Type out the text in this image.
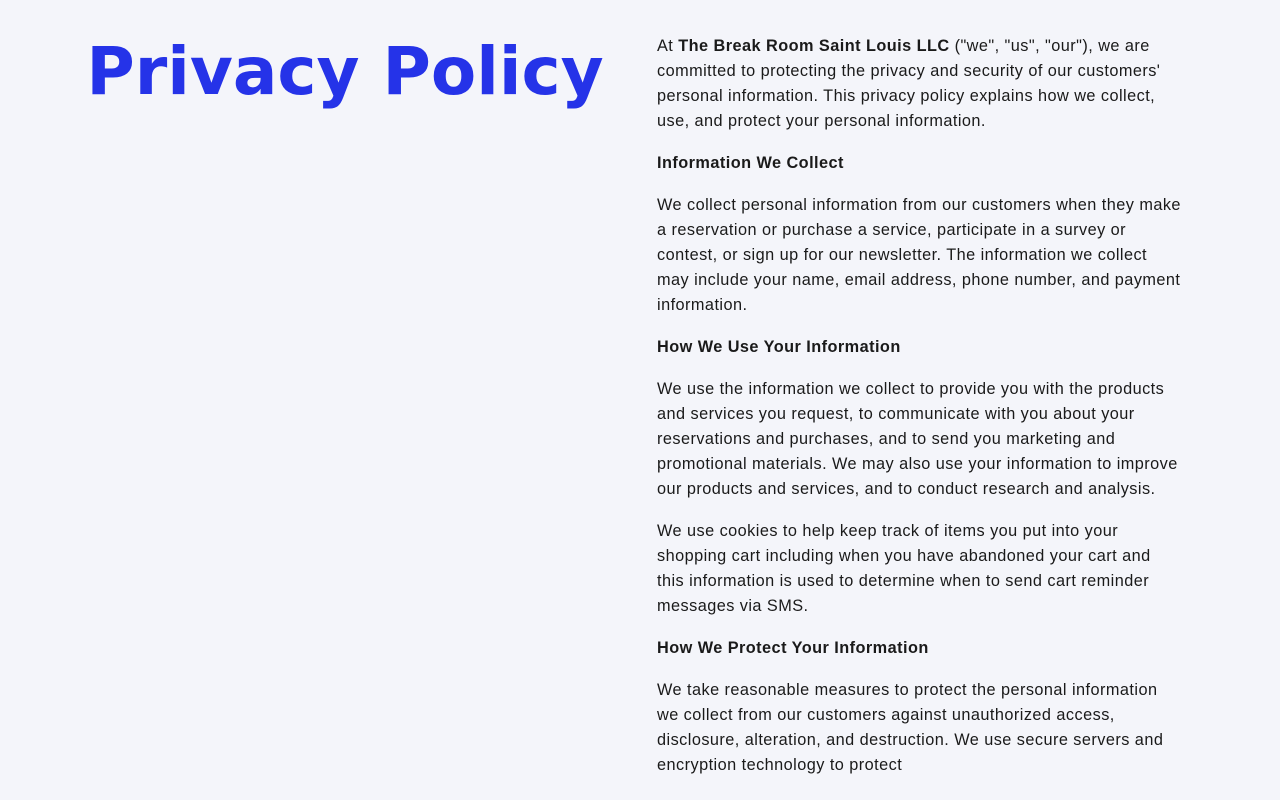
Privacy Policy	At The Break Room Saint Louis LLC ("we", "us", "our"), we are committed to protecting the privacy and security of our customers' personal information. This privacy policy explains how we collect, use, and protect your personal information.

Information We Collect

We collect personal information from our customers when they make a reservation or purchase a service, participate in a survey or contest, or sign up for our newsletter. The information we collect may include your name, email address, phone number, and payment information.

How We Use Your Information

We use the information we collect to provide you with the products and services you request, to communicate with you about your reservations and purchases, and to send you marketing and promotional materials. We may also use your information to improve our products and services, and to conduct research and analysis.

We use cookies to help keep track of items you put into your shopping cart including when you have abandoned your cart and this information is used to determine when to send cart reminder messages via SMS.

How We Protect Your Information

We take reasonable measures to protect the personal information we collect from our customers against unauthorized access, disclosure, alteration, and destruction. We use secure servers and encryption technology to protect
